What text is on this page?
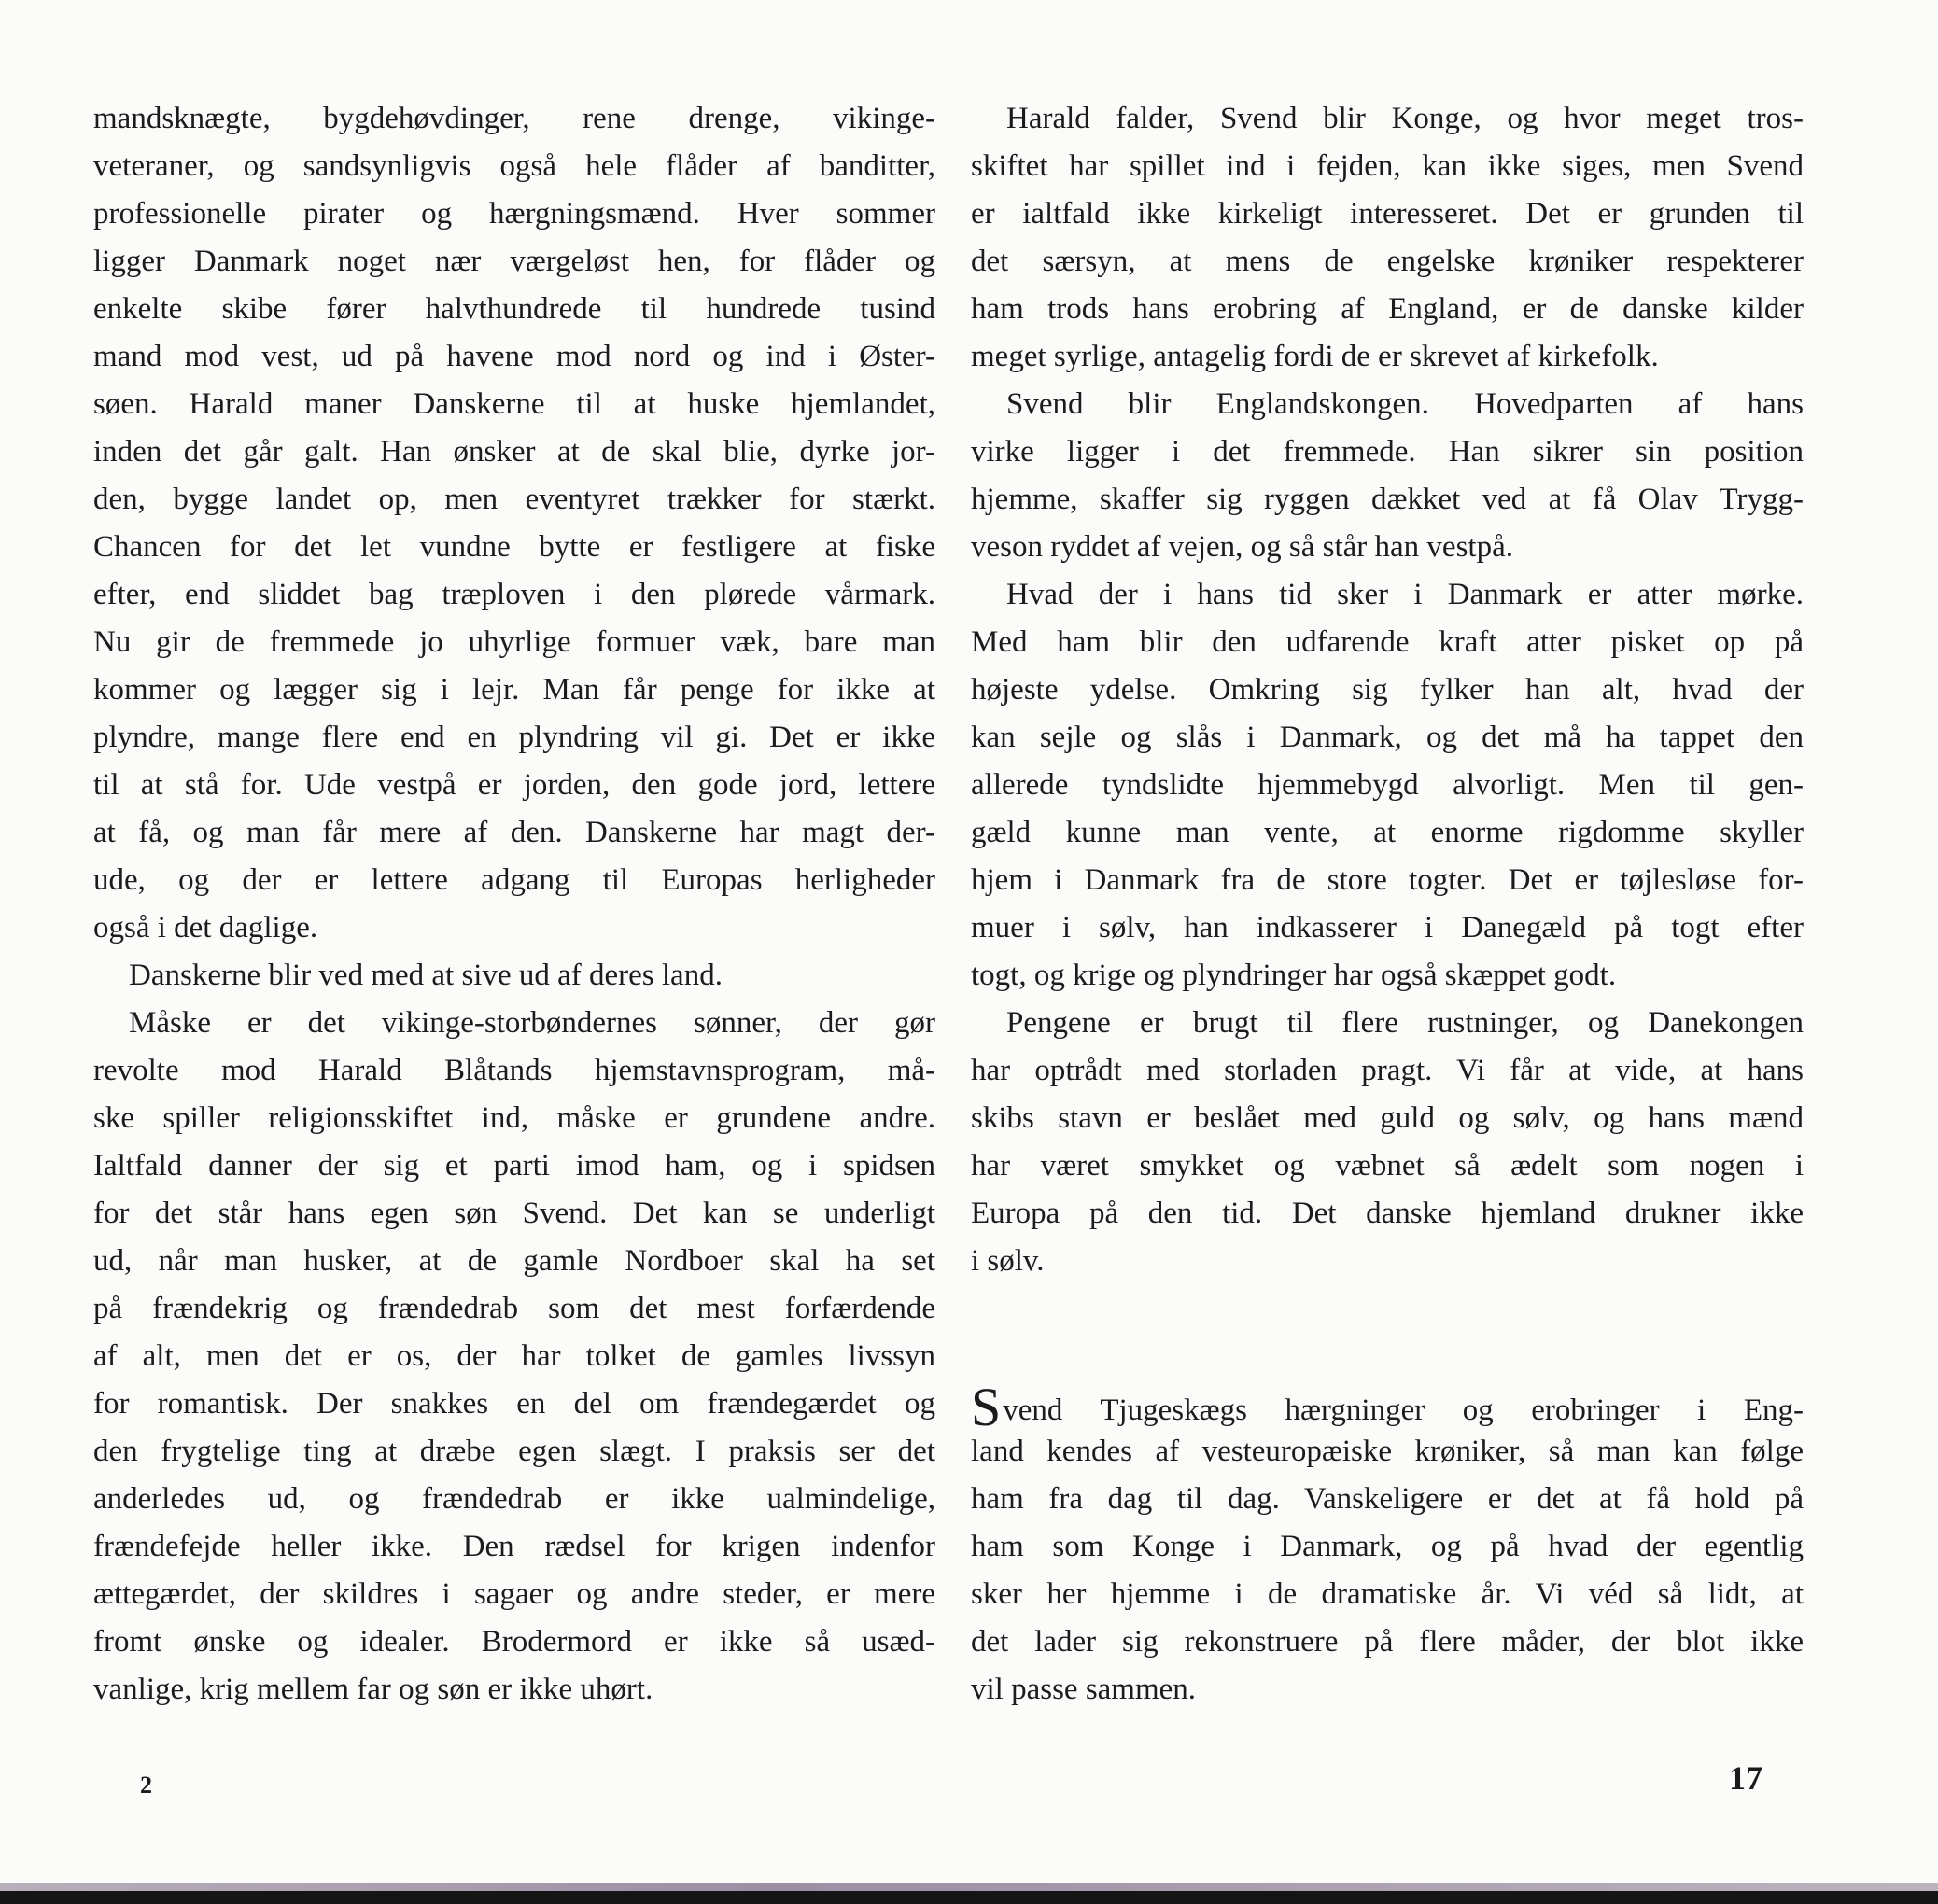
mandsknægte, bygdehøvdinger, rene drenge, vikinge-
veteraner, og sandsynligvis også hele flåder af banditter,
professionelle pirater og hærgningsmænd. Hver sommer
ligger Danmark noget nær værgeløst hen, for flåder og
enkelte skibe fører halvthundrede til hundrede tusind
mand mod vest, ud på havene mod nord og ind i Øster-
søen. Harald maner Danskerne til at huske hjemlandet,
inden det går galt. Han ønsker at de skal blie, dyrke jor-
den, bygge landet op, men eventyret trækker for stærkt.
Chancen for det let vundne bytte er festligere at fiske
efter, end sliddet bag træploven i den plørede vårmark.
Nu gir de fremmede jo uhyrlige formuer væk, bare man
kommer og lægger sig i lejr. Man får penge for ikke at
plyndre, mange flere end en plyndring vil gi. Det er ikke
til at stå for. Ude vestpå er jorden, den gode jord, lettere
at få, og man får mere af den. Danskerne har magt der-
ude, og der er lettere adgang til Europas herligheder
også i det daglige.
Danskerne blir ved med at sive ud af deres land.
Måske er det vikinge-storbøndernes sønner, der gør
revolte mod Harald Blåtands hjemstavnsprogram, må-
ske spiller religionsskiftet ind, måske er grundene andre.
Ialtfald danner der sig et parti imod ham, og i spidsen
for det står hans egen søn Svend. Det kan se underligt
ud, når man husker, at de gamle Nordboer skal ha set
på frændekrig og frændedrab som det mest forfærdende
af alt, men det er os, der har tolket de gamles livssyn
for romantisk. Der snakkes en del om frændegærdet og
den frygtelige ting at dræbe egen slægt. I praksis ser det
anderledes ud, og frændedrab er ikke ualmindelige,
frændefejde heller ikke. Den rædsel for krigen indenfor
ættegærdet, der skildres i sagaer og andre steder, er mere
fromt ønske og idealer. Brodermord er ikke så usæd-
vanlige, krig mellem far og søn er ikke uhørt.
Harald falder, Svend blir Konge, og hvor meget tros-
skiftet har spillet ind i fejden, kan ikke siges, men Svend
er ialtfald ikke kirkeligt interesseret. Det er grunden til
det særsyn, at mens de engelske krøniker respekterer
ham trods hans erobring af England, er de danske kilder
meget syrlige, antagelig fordi de er skrevet af kirkefolk.
Svend blir Englandskongen. Hovedparten af hans
virke ligger i det fremmede. Han sikrer sin position
hjemme, skaffer sig ryggen dækket ved at få Olav Trygg-
veson ryddet af vejen, og så står han vestpå.
Hvad der i hans tid sker i Danmark er atter mørke.
Med ham blir den udfarende kraft atter pisket op på
højeste ydelse. Omkring sig fylker han alt, hvad der
kan sejle og slås i Danmark, og det må ha tappet den
allerede tyndslidte hjemmebygd alvorligt. Men til gen-
gæld kunne man vente, at enorme rigdomme skyller
hjem i Danmark fra de store togter. Det er tøjlesløse for-
muer i sølv, han indkasserer i Danegæld på togt efter
togt, og krige og plyndringer har også skæppet godt.
Pengene er brugt til flere rustninger, og Danekongen
har optrådt med storladen pragt. Vi får at vide, at hans
skibs stavn er beslået med guld og sølv, og hans mænd
har været smykket og væbnet så ædelt som nogen i
Europa på den tid. Det danske hjemland drukner ikke
i sølv.
Svend Tjugeskægs hærgninger og erobringer i Eng-
land kendes af vesteuropæiske krøniker, så man kan følge
ham fra dag til dag. Vanskeligere er det at få hold på
ham som Konge i Danmark, og på hvad der egentlig
sker her hjemme i de dramatiske år. Vi véd så lidt, at
det lader sig rekonstruere på flere måder, der blot ikke
vil passe sammen.
2	17
